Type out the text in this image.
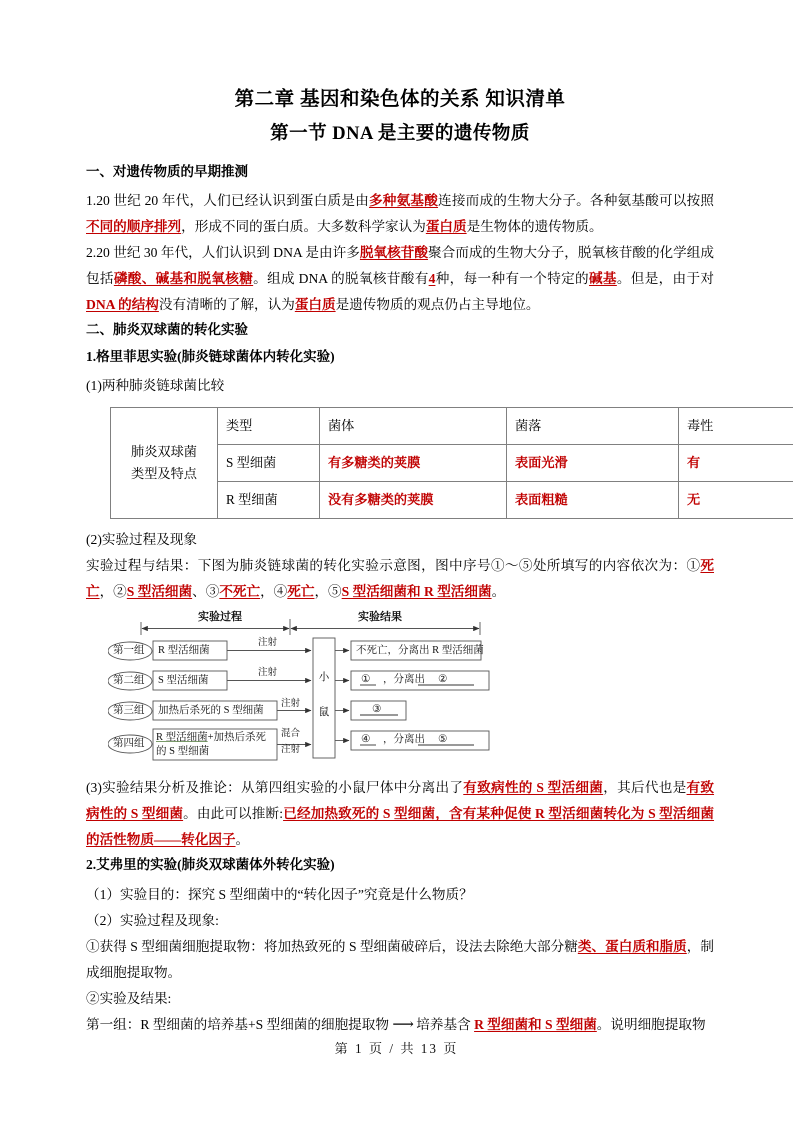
第二章 基因和染色体的关系 知识清单
第一节 DNA 是主要的遗传物质
一、对遗传物质的早期推测

1.20 世纪 20 年代，人们已经认识到蛋白质是由多种氨基酸连接而成的生物大分子。各种氨基酸可以按照不同的顺序排列，形成不同的蛋白质。大多数科学家认为蛋白质是生物体的遗传物质。

2.20 世纪 30 年代，人们认识到 DNA 是由许多脱氧核苷酸聚合而成的生物大分子，脱氧核苷酸的化学组成包括磷酸、碱基和脱氧核糖。组成 DNA 的脱氧核苷酸有4种，每一种有一个特定的碱基。但是，由于对DNA 的结构没有清晰的了解，认为蛋白质是遗传物质的观点仍占主导地位。

二、肺炎双球菌的转化实验
1.格里菲思实验(肺炎链球菌体内转化实验)

(1)两种肺炎链球菌比较

肺炎双球菌
类型及特点	类型	菌体	菌落	毒性
	S 型细菌	有多糖类的荚膜	表面光滑	有
	R 型细菌	没有多糖类的荚膜	表面粗糙	无

(2)实验过程及现象

实验过程与结果：下图为肺炎链球菌的转化实验示意图，图中序号①～⑤处所填写的内容依次为：①死亡，②S 型活细菌、③不死亡，④死亡，⑤S 型活细菌和 R 型活细菌。

实验过程	实验结果
第一组
第二组
第三组
第四组
R 型活细菌
S 型活细菌
加热后杀死的 S 型细菌
R 型活细菌+加热后杀死
的 S 型细菌
注射
注射
注射
混合
注射
小
鼠
不死亡，分离出 R 型活细菌
① ，分离出 ②
③
④ ，分离出 ⑤

(3)实验结果分析及推论：从第四组实验的小鼠尸体中分离出了有致病性的 S 型活细菌，其后代也是有致病性的 S 型细菌。由此可以推断:已经加热致死的 S 型细菌，含有某种促使 R 型活细菌转化为 S 型活细菌的活性物质——转化因子。

2.艾弗里的实验(肺炎双球菌体外转化实验)

（1）实验目的：探究 S 型细菌中的“转化因子”究竟是什么物质？

（2）实验过程及现象:

①获得 S 型细菌细胞提取物：将加热致死的 S 型细菌破碎后，设法去除绝大部分糖类、蛋白质和脂质，制成细胞提取物。

②实验及结果:

第一组：R 型细菌的培养基+S 型细菌的细胞提取物 ⟶ 培养基含 R 型细菌和 S 型细菌。说明细胞提取物

第 1 页 / 共 13 页
